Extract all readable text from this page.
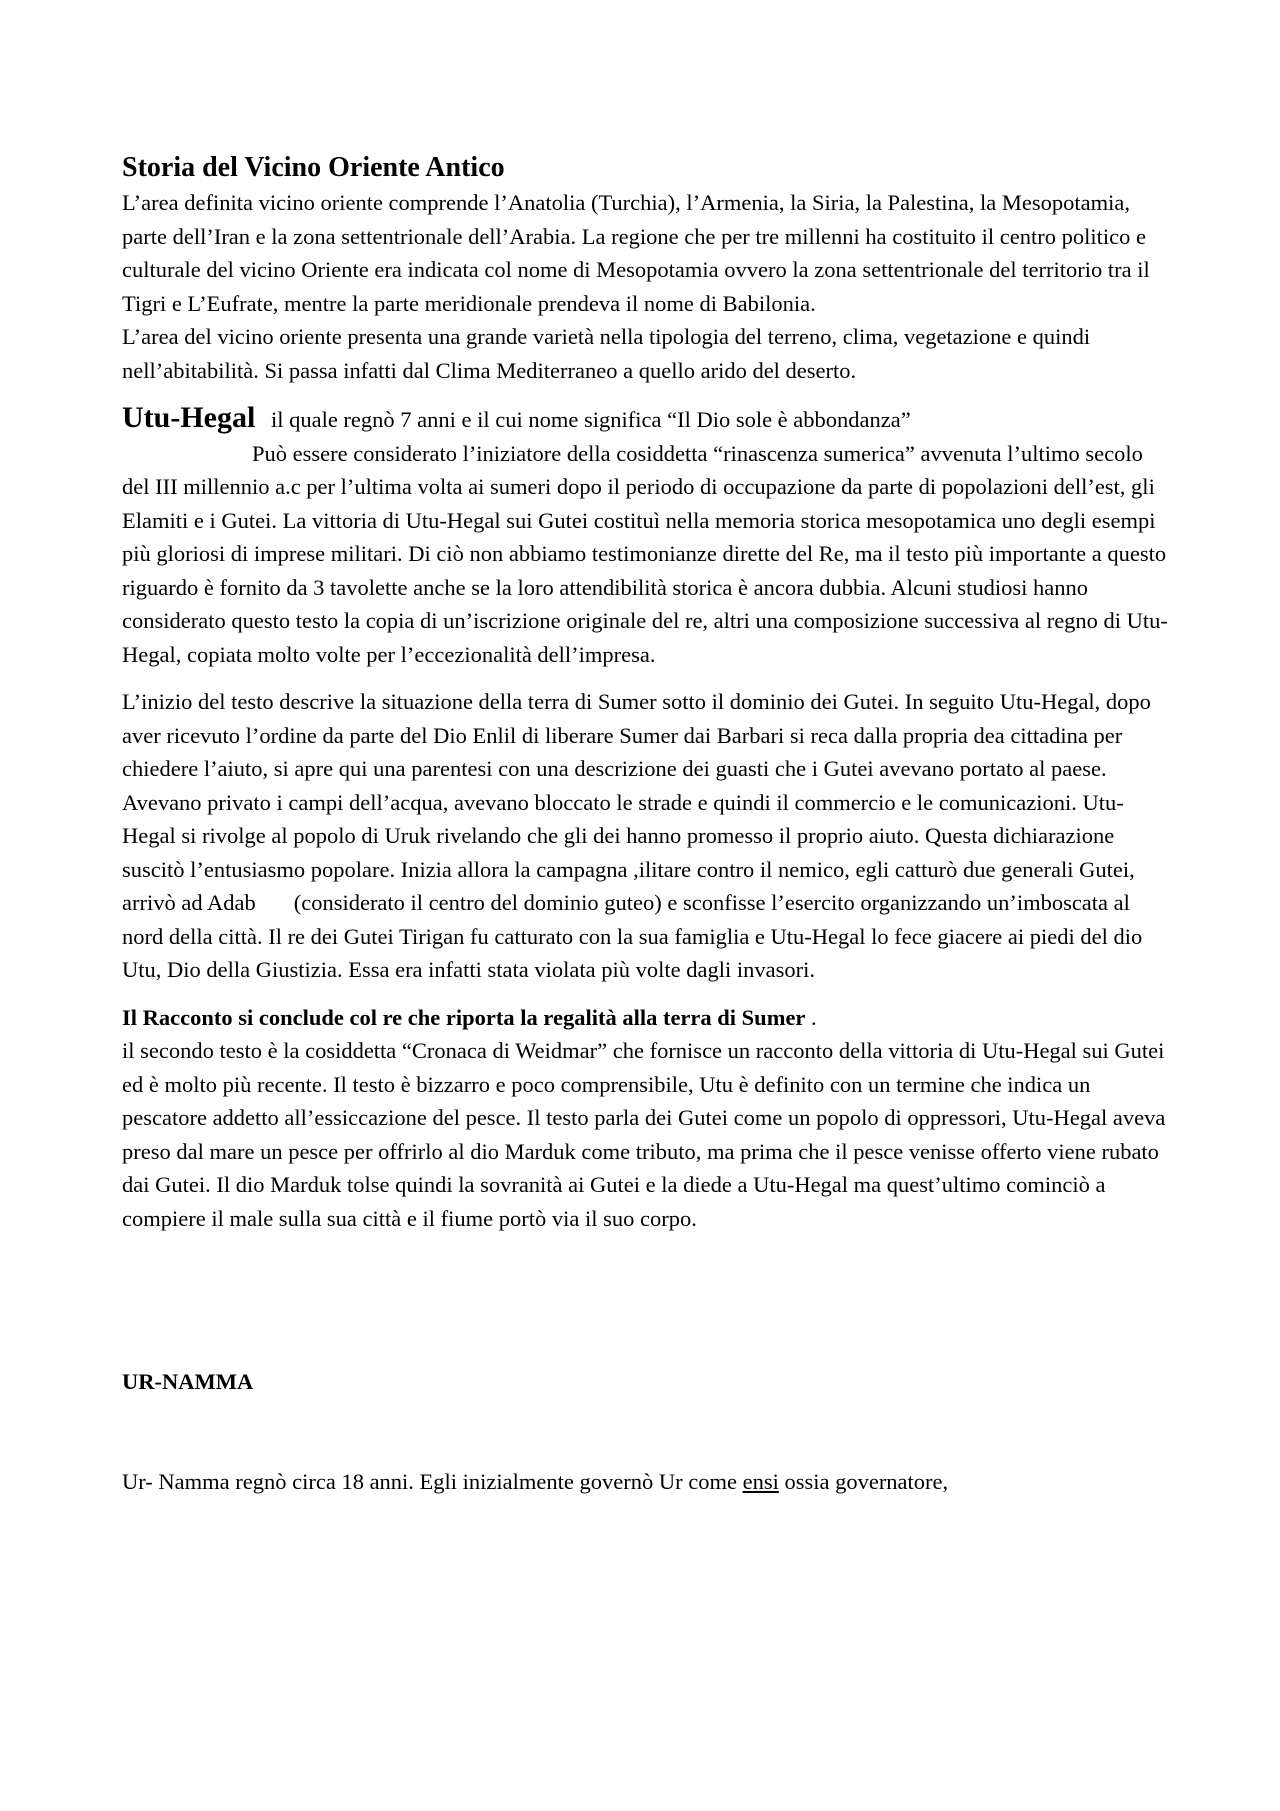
Storia del Vicino Oriente Antico

L’area definita vicino oriente comprende l’Anatolia (Turchia), l’Armenia, la Siria, la Palestina, la Mesopotamia, parte dell’Iran e la zona settentrionale dell’Arabia. La regione che per tre millenni ha costituito il centro politico e culturale del vicino Oriente era indicata col nome di Mesopotamia ovvero la zona settentrionale del territorio tra il Tigri e L’Eufrate, mentre la parte meridionale prendeva il nome di Babilonia.

L’area del vicino oriente presenta una grande varietà nella tipologia del terreno, clima, vegetazione e quindi nell’abitabilità. Si passa infatti dal Clima Mediterraneo a quello arido del deserto.

Utu-Hegal il quale regnò 7 anni e il cui nome significa “Il Dio sole è abbondanza”

Può essere considerato l’iniziatore della cosiddetta “rinascenza sumerica” avvenuta l’ultimo secolo del III millennio a.c per l’ultima volta ai sumeri dopo il periodo di occupazione da parte di popolazioni dell’est, gli Elamiti e i Gutei. La vittoria di Utu-Hegal sui Gutei costituì nella memoria storica mesopotamica uno degli esempi più gloriosi di imprese militari. Di ciò non abbiamo testimonianze dirette del Re, ma il testo più importante a questo riguardo è fornito da 3 tavolette anche se la loro attendibilità storica è ancora dubbia. Alcuni studiosi hanno considerato questo testo la copia di un’iscrizione originale del re, altri una composizione successiva al regno di Utu-Hegal, copiata molto volte per l’eccezionalità dell’impresa.

L’inizio del testo descrive la situazione della terra di Sumer sotto il dominio dei Gutei. In seguito Utu-Hegal, dopo aver ricevuto l’ordine da parte del Dio Enlil di liberare Sumer dai Barbari si reca dalla propria dea cittadina per chiedere l’aiuto, si apre qui una parentesi con una descrizione dei guasti che i Gutei avevano portato al paese. Avevano privato i campi dell’acqua, avevano bloccato le strade e quindi il commercio e le comunicazioni. Utu-Hegal si rivolge al popolo di Uruk rivelando che gli dei hanno promesso il proprio aiuto. Questa dichiarazione suscitò l’entusiasmo popolare. Inizia allora la campagna ,ilitare contro il nemico, egli catturò due generali Gutei, arrivò ad Adab (considerato il centro del dominio guteo) e sconfisse l’esercito organizzando un’imboscata al nord della città. Il re dei Gutei Tirigan fu catturato con la sua famiglia e Utu-Hegal lo fece giacere ai piedi del dio Utu, Dio della Giustizia. Essa era infatti stata violata più volte dagli invasori.

Il Racconto si conclude col re che riporta la regalità alla terra di Sumer .

il secondo testo è la cosiddetta “Cronaca di Weidmar” che fornisce un racconto della vittoria di Utu-Hegal sui Gutei ed è molto più recente. Il testo è bizzarro e poco comprensibile, Utu è definito con un termine che indica un pescatore addetto all’essiccazione del pesce. Il testo parla dei Gutei come un popolo di oppressori, Utu-Hegal aveva preso dal mare un pesce per offrirlo al dio Marduk come tributo, ma prima che il pesce venisse offerto viene rubato dai Gutei. Il dio Marduk tolse quindi la sovranità ai Gutei e la diede a Utu-Hegal ma quest’ultimo cominciò a compiere il male sulla sua città e il fiume portò via il suo corpo.

UR-NAMMA

Ur- Namma regnò circa 18 anni. Egli inizialmente governò Ur come ensi ossia governatore,
